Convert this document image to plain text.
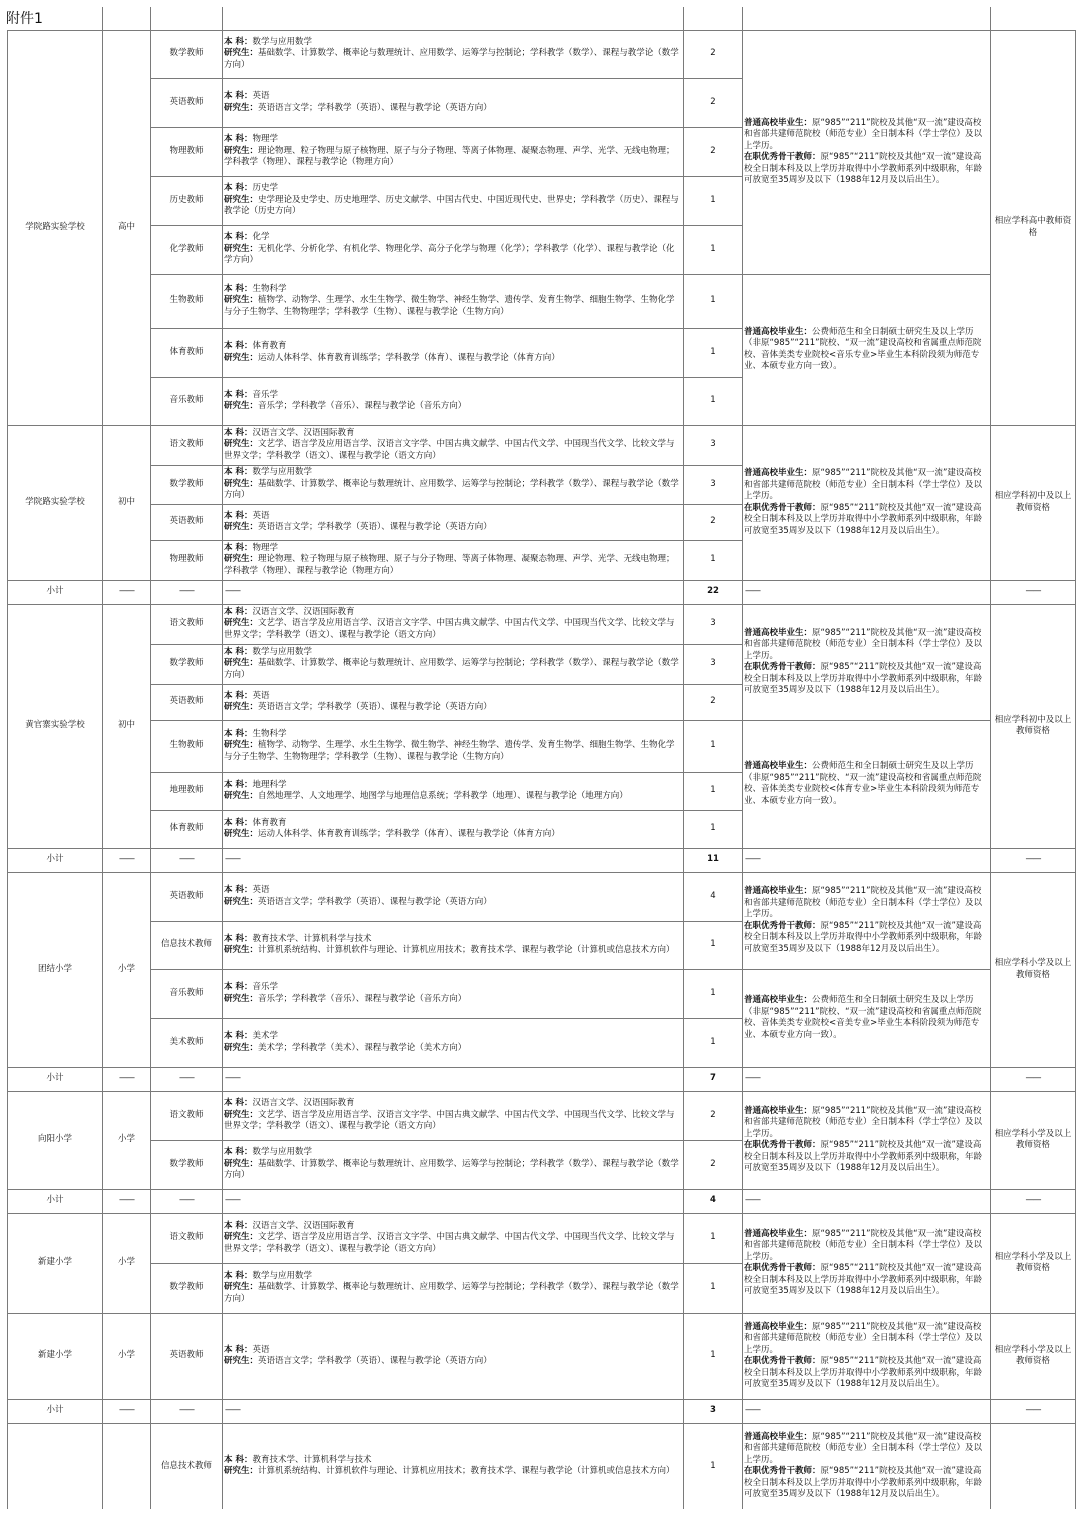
附件1

学院路实验学校	高中	数学教师	本 科：数学与应用数学
研究生：基础数学、计算数学、概率论与数理统计、应用数学、运筹学与控制论；学科教学（数学）、课程与教学论（数学方向）	2	普通高校毕业生：原“985”“211”院校及其他“双一流”建设高校和省部共建师范院校（师范专业）全日制本科（学士学位）及以上学历。
在职优秀骨干教师：原“985”“211”院校及其他“双一流”建设高校全日制本科及以上学历并取得中小学教师系列中级职称，年龄可放宽至35周岁及以下（1988年12月及以后出生）。	相应学科高中教师资格
		英语教师	本 科：英语
研究生：英语语言文学；学科教学（英语）、课程与教学论（英语方向）	2		
		物理教师	本 科：物理学
研究生：理论物理、粒子物理与原子核物理、原子与分子物理、等离子体物理、凝聚态物理、声学、光学、无线电物理；学科教学（物理）、课程与教学论（物理方向）	2		
		历史教师	本 科：历史学
研究生：史学理论及史学史、历史地理学、历史文献学、中国古代史、中国近现代史、世界史；学科教学（历史）、课程与教学论（历史方向）	1		
		化学教师	本 科：化学
研究生：无机化学、分析化学、有机化学、物理化学、高分子化学与物理（化学）；学科教学（化学）、课程与教学论（化学方向）	1		
		生物教师	本 科：生物科学
研究生：植物学、动物学、生理学、水生生物学、微生物学、神经生物学、遗传学、发育生物学、细胞生物学、生物化学与分子生物学、生物物理学；学科教学（生物）、课程与教学论（生物方向）	1	普通高校毕业生：公费师范生和全日制硕士研究生及以上学历（非原“985”“211”院校、“双一流”建设高校和省属重点师范院校、音体美类专业院校<音乐专业>毕业生本科阶段须为师范专业、本硕专业方向一致）。	
		体育教师	本 科：体育教育
研究生：运动人体科学、体育教育训练学；学科教学（体育）、课程与教学论（体育方向）	1		
		音乐教师	本 科：音乐学
研究生：音乐学；学科教学（音乐）、课程与教学论（音乐方向）	1		
学院路实验学校	初中	语文教师	本 科：汉语言文学、汉语国际教育
研究生：文艺学、语言学及应用语言学、汉语言文字学、中国古典文献学、中国古代文学、中国现当代文学、比较文学与世界文学；学科教学（语文）、课程与教学论（语文方向）	3	普通高校毕业生：原“985”“211”院校及其他“双一流”建设高校和省部共建师范院校（师范专业）全日制本科（学士学位）及以上学历。
在职优秀骨干教师：原“985”“211”院校及其他“双一流”建设高校全日制本科及以上学历并取得中小学教师系列中级职称，年龄可放宽至35周岁及以下（1988年12月及以后出生）。	相应学科初中及以上教师资格
		数学教师	本 科：数学与应用数学
研究生：基础数学、计算数学、概率论与数理统计、应用数学、运筹学与控制论；学科教学（数学）、课程与教学论（数学方向）	3		
		英语教师	本 科：英语
研究生：英语语言文学；学科教学（英语）、课程与教学论（英语方向）	2		
		物理教师	本 科：物理学
研究生：理论物理、粒子物理与原子核物理、原子与分子物理、等离子体物理、凝聚态物理、声学、光学、无线电物理；学科教学（物理）、课程与教学论（物理方向）	1		
小计	——	——	——	22	——	——
黄官寨实验学校	初中	语文教师	本 科：汉语言文学、汉语国际教育
研究生：文艺学、语言学及应用语言学、汉语言文字学、中国古典文献学、中国古代文学、中国现当代文学、比较文学与世界文学；学科教学（语文）、课程与教学论（语文方向）	3	普通高校毕业生：原“985”“211”院校及其他“双一流”建设高校和省部共建师范院校（师范专业）全日制本科（学士学位）及以上学历。
在职优秀骨干教师：原“985”“211”院校及其他“双一流”建设高校全日制本科及以上学历并取得中小学教师系列中级职称，年龄可放宽至35周岁及以下（1988年12月及以后出生）。	相应学科初中及以上教师资格
		数学教师	本 科：数学与应用数学
研究生：基础数学、计算数学、概率论与数理统计、应用数学、运筹学与控制论；学科教学（数学）、课程与教学论（数学方向）	3		
		英语教师	本 科：英语
研究生：英语语言文学；学科教学（英语）、课程与教学论（英语方向）	2		
		生物教师	本 科：生物科学
研究生：植物学、动物学、生理学、水生生物学、微生物学、神经生物学、遗传学、发育生物学、细胞生物学、生物化学与分子生物学、生物物理学；学科教学（生物）、课程与教学论（生物方向）	1	普通高校毕业生：公费师范生和全日制硕士研究生及以上学历（非原“985”“211”院校、“双一流”建设高校和省属重点师范院校、音体美类专业院校<体育专业>毕业生本科阶段须为师范专业、本硕专业方向一致）。	
		地理教师	本 科：地理科学
研究生：自然地理学、人文地理学、地图学与地理信息系统；学科教学（地理）、课程与教学论（地理方向）	1		
		体育教师	本 科：体育教育
研究生：运动人体科学、体育教育训练学；学科教学（体育）、课程与教学论（体育方向）	1		
小计	——	——	——	11	——	——
团结小学	小学	英语教师	本 科：英语
研究生：英语语言文学；学科教学（英语）、课程与教学论（英语方向）	4	普通高校毕业生：原“985”“211”院校及其他“双一流”建设高校和省部共建师范院校（师范专业）全日制本科（学士学位）及以上学历。
在职优秀骨干教师：原“985”“211”院校及其他“双一流”建设高校全日制本科及以上学历并取得中小学教师系列中级职称，年龄可放宽至35周岁及以下（1988年12月及以后出生）。	相应学科小学及以上教师资格
		信息技术教师	本 科：教育技术学、计算机科学与技术
研究生：计算机系统结构、计算机软件与理论、计算机应用技术；教育技术学、课程与教学论（计算机或信息技术方向）	1		
		音乐教师	本 科：音乐学
研究生：音乐学；学科教学（音乐）、课程与教学论（音乐方向）	1	普通高校毕业生：公费师范生和全日制硕士研究生及以上学历（非原“985”“211”院校、“双一流”建设高校和省属重点师范院校、音体美类专业院校<音美专业>毕业生本科阶段须为师范专业、本硕专业方向一致）。	
		美术教师	本 科：美术学
研究生：美术学；学科教学（美术）、课程与教学论（美术方向）	1		
小计	——	——	——	7	——	——
向阳小学	小学	语文教师	本 科：汉语言文学、汉语国际教育
研究生：文艺学、语言学及应用语言学、汉语言文字学、中国古典文献学、中国古代文学、中国现当代文学、比较文学与世界文学；学科教学（语文）、课程与教学论（语文方向）	2	普通高校毕业生：原“985”“211”院校及其他“双一流”建设高校和省部共建师范院校（师范专业）全日制本科（学士学位）及以上学历。
在职优秀骨干教师：原“985”“211”院校及其他“双一流”建设高校全日制本科及以上学历并取得中小学教师系列中级职称，年龄可放宽至35周岁及以下（1988年12月及以后出生）。	相应学科小学及以上教师资格
		数学教师	本 科：数学与应用数学
研究生：基础数学、计算数学、概率论与数理统计、应用数学、运筹学与控制论；学科教学（数学）、课程与教学论（数学方向）	2		
小计	——	——	——	4	——	——
新建小学	小学	语文教师	本 科：汉语言文学、汉语国际教育
研究生：文艺学、语言学及应用语言学、汉语言文字学、中国古典文献学、中国古代文学、中国现当代文学、比较文学与世界文学；学科教学（语文）、课程与教学论（语文方向）	1	普通高校毕业生：原“985”“211”院校及其他“双一流”建设高校和省部共建师范院校（师范专业）全日制本科（学士学位）及以上学历。
在职优秀骨干教师：原“985”“211”院校及其他“双一流”建设高校全日制本科及以上学历并取得中小学教师系列中级职称，年龄可放宽至35周岁及以下（1988年12月及以后出生）。	相应学科小学及以上教师资格
		数学教师	本 科：数学与应用数学
研究生：基础数学、计算数学、概率论与数理统计、应用数学、运筹学与控制论；学科教学（数学）、课程与教学论（数学方向）	1		
新建小学	小学	英语教师	本 科：英语
研究生：英语语言文学；学科教学（英语）、课程与教学论（英语方向）	1	普通高校毕业生：原“985”“211”院校及其他“双一流”建设高校和省部共建师范院校（师范专业）全日制本科（学士学位）及以上学历。
在职优秀骨干教师：原“985”“211”院校及其他“双一流”建设高校全日制本科及以上学历并取得中小学教师系列中级职称，年龄可放宽至35周岁及以下（1988年12月及以后出生）。	相应学科小学及以上教师资格
小计	——	——	——	3	——	——
		信息技术教师	本 科：教育技术学、计算机科学与技术
研究生：计算机系统结构、计算机软件与理论、计算机应用技术；教育技术学、课程与教学论（计算机或信息技术方向）	1	普通高校毕业生：原“985”“211”院校及其他“双一流”建设高校和省部共建师范院校（师范专业）全日制本科（学士学位）及以上学历。
在职优秀骨干教师：原“985”“211”院校及其他“双一流”建设高校全日制本科及以上学历并取得中小学教师系列中级职称，年龄可放宽至35周岁及以下（1988年12月及以后出生）。	
